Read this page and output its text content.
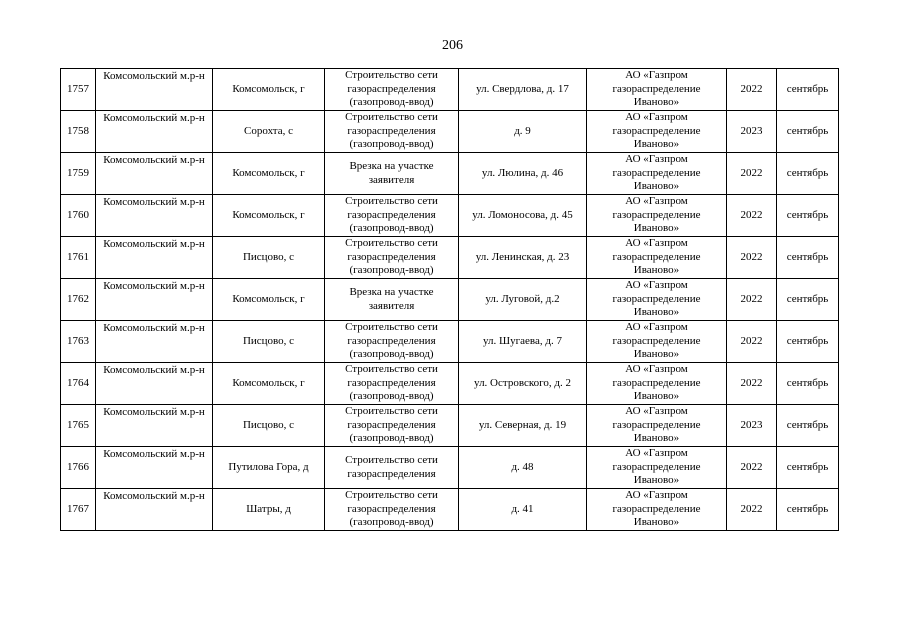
206
1757	Комсомольский м.р-н	Комсомольск, г	Строительство сети газораспределения (газопровод-ввод)	ул. Свердлова, д. 17	АО «Газпром газораспределение Иваново»	2022	сентябрь
1758	Комсомольский м.р-н	Сорохта, с	Строительство сети газораспределения (газопровод-ввод)	д. 9	АО «Газпром газораспределение Иваново»	2023	сентябрь
1759	Комсомольский м.р-н	Комсомольск, г	Врезка на участке заявителя	ул. Люлина, д. 46	АО «Газпром газораспределение Иваново»	2022	сентябрь
1760	Комсомольский м.р-н	Комсомольск, г	Строительство сети газораспределения (газопровод-ввод)	ул. Ломоносова, д. 45	АО «Газпром газораспределение Иваново»	2022	сентябрь
1761	Комсомольский м.р-н	Писцово, с	Строительство сети газораспределения (газопровод-ввод)	ул. Ленинская, д. 23	АО «Газпром газораспределение Иваново»	2022	сентябрь
1762	Комсомольский м.р-н	Комсомольск, г	Врезка на участке заявителя	ул. Луговой, д.2	АО «Газпром газораспределение Иваново»	2022	сентябрь
1763	Комсомольский м.р-н	Писцово, с	Строительство сети газораспределения (газопровод-ввод)	ул. Шугаева, д. 7	АО «Газпром газораспределение Иваново»	2022	сентябрь
1764	Комсомольский м.р-н	Комсомольск, г	Строительство сети газораспределения (газопровод-ввод)	ул. Островского, д. 2	АО «Газпром газораспределение Иваново»	2022	сентябрь
1765	Комсомольский м.р-н	Писцово, с	Строительство сети газораспределения (газопровод-ввод)	ул. Северная, д. 19	АО «Газпром газораспределение Иваново»	2023	сентябрь
1766	Комсомольский м.р-н	Путилова Гора, д	Строительство сети газораспределения	д. 48	АО «Газпром газораспределение Иваново»	2022	сентябрь
1767	Комсомольский м.р-н	Шатры, д	Строительство сети газораспределения (газопровод-ввод)	д. 41	АО «Газпром газораспределение Иваново»	2022	сентябрь
